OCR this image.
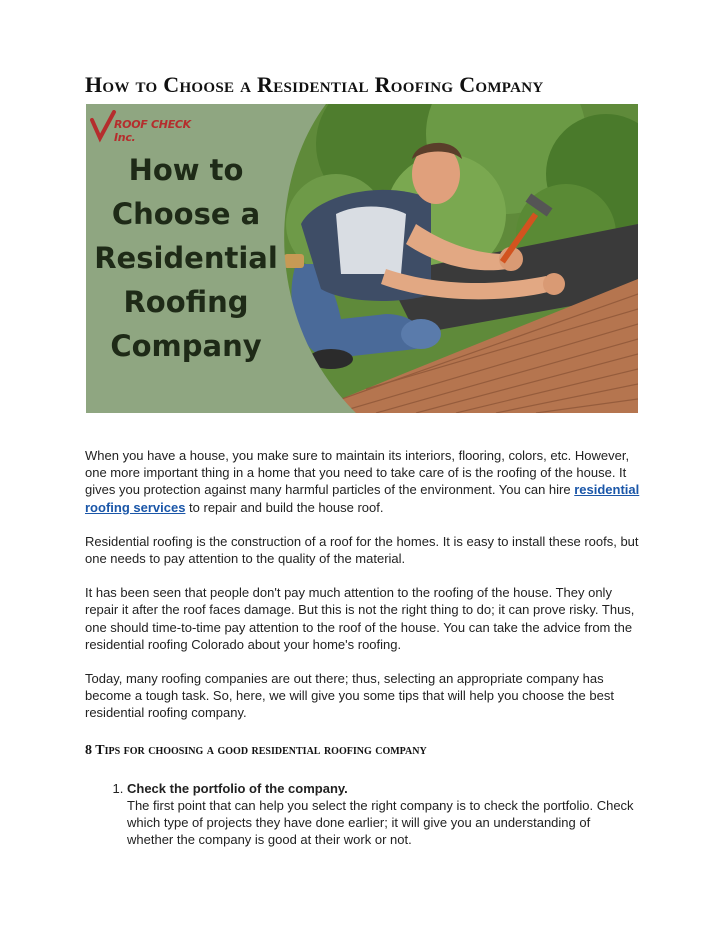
How to Choose a Residential Roofing Company
ROOF CHECK Inc.
How to
Choose a
Residential
Roofing
Company

When you have a house, you make sure to maintain its interiors, flooring, colors, etc. However, one more important thing in a home that you need to take care of is the roofing of the house. It gives you protection against many harmful particles of the environment. You can hire residential roofing services to repair and build the house roof.

Residential roofing is the construction of a roof for the homes. It is easy to install these roofs, but one needs to pay attention to the quality of the material.

It has been seen that people don't pay much attention to the roofing of the house. They only repair it after the roof faces damage. But this is not the right thing to do; it can prove risky. Thus, one should time-to-time pay attention to the roof of the house. You can take the advice from the residential roofing Colorado about your home's roofing.

Today, many roofing companies are out there; thus, selecting an appropriate company has become a tough task. So, here, we will give you some tips that will help you choose the best residential roofing company.

8 Tips for choosing a good residential roofing company
1. Check the portfolio of the company.
The first point that can help you select the right company is to check the portfolio. Check which type of projects they have done earlier; it will give you an understanding of whether the company is good at their work or not.
